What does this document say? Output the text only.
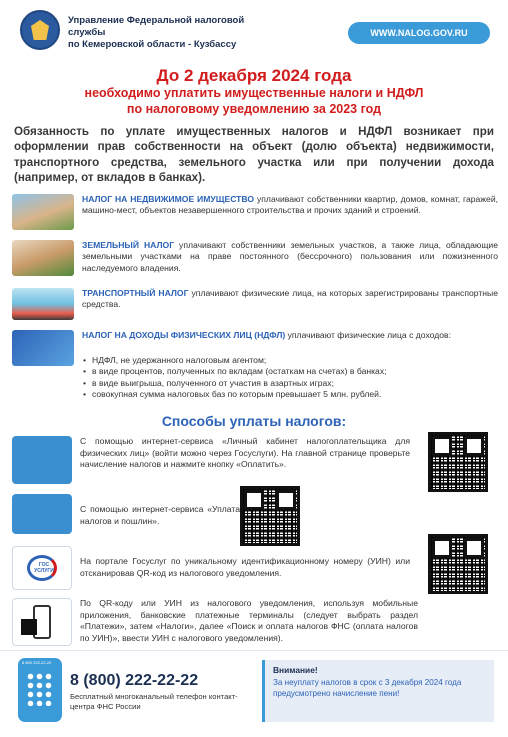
Управление Федеральной налоговой службы
по Кемеровской области - Кузбассу
WWW.NALOG.GOV.RU
До 2 декабря 2024 года
необходимо уплатить имущественные налоги и НДФЛ
по налоговому уведомлению за 2023 год
Обязанность по уплате имущественных налогов и НДФЛ возникает при оформлении прав собственности на объект (долю объекта) недвижимости, транспортного средства, земельного участка или при получении дохода (например, от вкладов в банках).
НАЛОГ НА НЕДВИЖИМОЕ ИМУЩЕСТВО уплачивают собственники квартир, домов, комнат, гаражей, машино-мест, объектов незавершенного строительства и прочих зданий и строений.
ЗЕМЕЛЬНЫЙ НАЛОГ уплачивают собственники земельных участков, а также лица, обладающие земельными участками на праве постоянного (бессрочного) пользования или пожизненного наследуемого владения.
ТРАНСПОРТНЫЙ НАЛОГ уплачивают физические лица, на которых зарегистрированы транспортные средства.
НАЛОГ НА ДОХОДЫ ФИЗИЧЕСКИХ ЛИЦ (НДФЛ) уплачивают физические лица с доходов:
• НДФЛ, не удержанного налоговым агентом;
• в виде процентов, полученных по вкладам (остаткам на счетах) в банках;
• в виде выигрыша, полученного от участия в азартных играх;
• совокупная сумма налоговых баз по которым превышает 5 млн. рублей.
Способы уплаты налогов:
С помощью интернет-сервиса «Личный кабинет налогоплательщика для физических лиц» (войти можно через Госуслуги). На главной странице проверьте начисление налогов и нажмите кнопку «Оплатить».
С помощью интернет-сервиса «Уплата налогов и пошлин».
ГОС УСЛУГИ
На портале Госуслуг по уникальному идентификационному номеру (УИН) или отсканировав QR-код из налогового уведомления.
По QR-коду или УИН из налогового уведомления, используя мобильные приложения, банковские платежные терминалы (следует выбрать раздел «Платежи», затем «Налоги», далее «Поиск и оплата налогов ФНС (оплата налогов по УИН)», ввести УИН с налогового уведомления).
8 800 222-22-22
8 (800) 222-22-22
Бесплатный многоканальный телефон контакт-центра ФНС России
Внимание!
За неуплату налогов в срок с 3 декабря 2024 года предусмотрено начисление пени!
